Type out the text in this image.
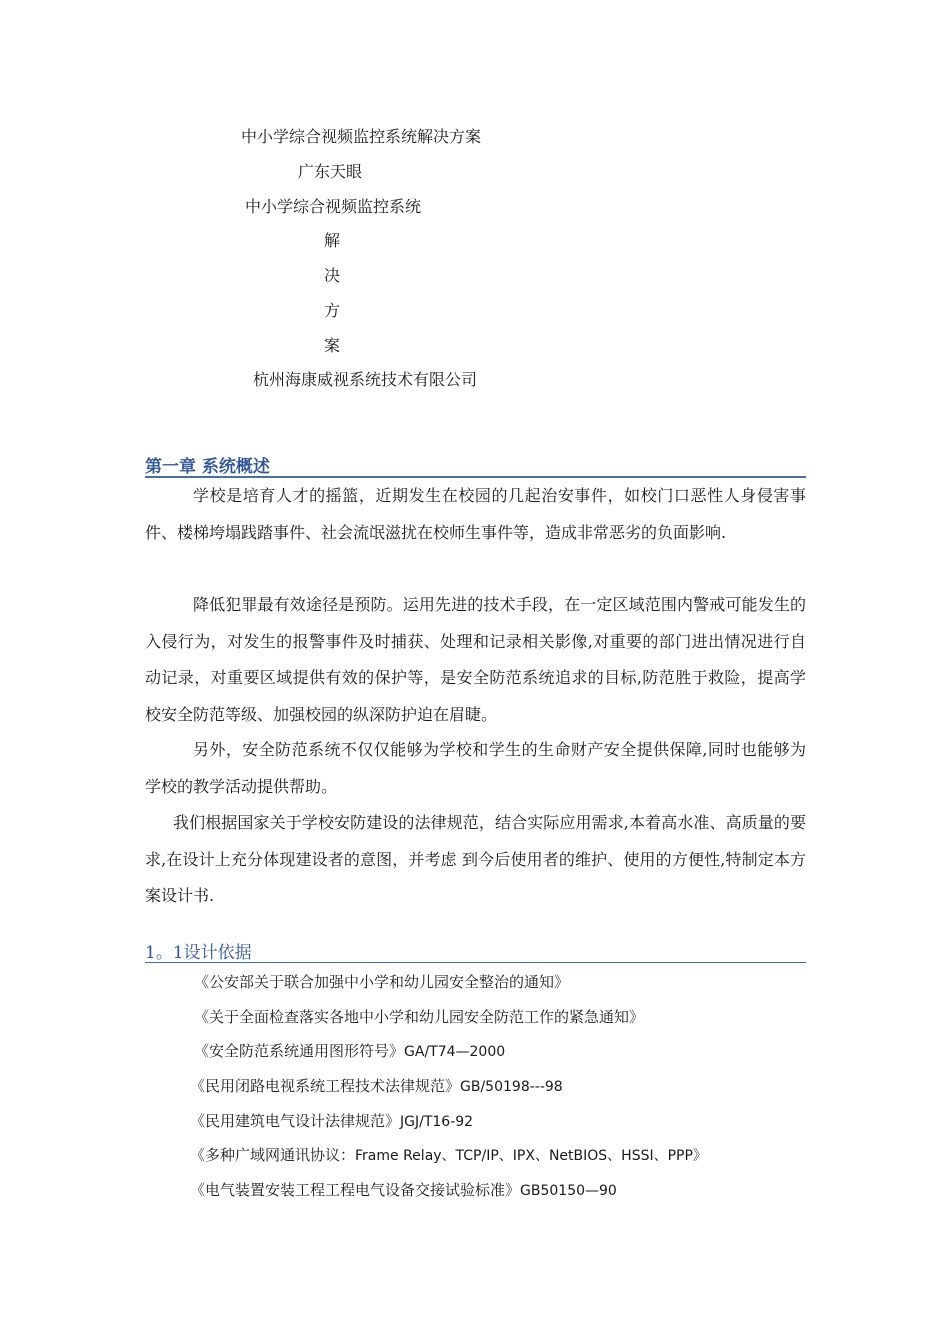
中小学综合视频监控系统解决方案
广东天眼
中小学综合视频监控系统
解
决
方
案
杭州海康威视系统技术有限公司
第一章 系统概述

学校是培育人才的摇篮，近期发生在校园的几起治安事件，如校门口恶性人身侵害事件、楼梯垮塌践踏事件、社会流氓滋扰在校师生事件等，造成非常恶劣的负面影响.

降低犯罪最有效途径是预防。运用先进的技术手段，在一定区域范围内警戒可能发生的入侵行为，对发生的报警事件及时捕获、处理和记录相关影像,对重要的部门进出情况进行自动记录，对重要区域提供有效的保护等，是安全防范系统追求的目标,防范胜于救险，提高学校安全防范等级、加强校园的纵深防护迫在眉睫。

另外，安全防范系统不仅仅能够为学校和学生的生命财产安全提供保障,同时也能够为学校的教学活动提供帮助。

我们根据国家关于学校安防建设的法律规范，结合实际应用需求,本着高水准、高质量的要求,在设计上充分体现建设者的意图，并考虑 到今后使用者的维护、使用的方便性,特制定本方案设计书.

1。1设计依据
《公安部关于联合加强中小学和幼儿园安全整治的通知》
《关于全面检查落实各地中小学和幼儿园安全防范工作的紧急通知》
《安全防范系统通用图形符号》GA/T74—2000
《民用闭路电视系统工程技术法律规范》GB/50198---98
《民用建筑电气设计法律规范》JGJ/T16-92
《多种广域网通讯协议：Frame Relay、TCP/IP、IPX、NetBIOS、HSSI、PPP》
《电气装置安装工程工程电气设备交接试验标准》GB50150—90
